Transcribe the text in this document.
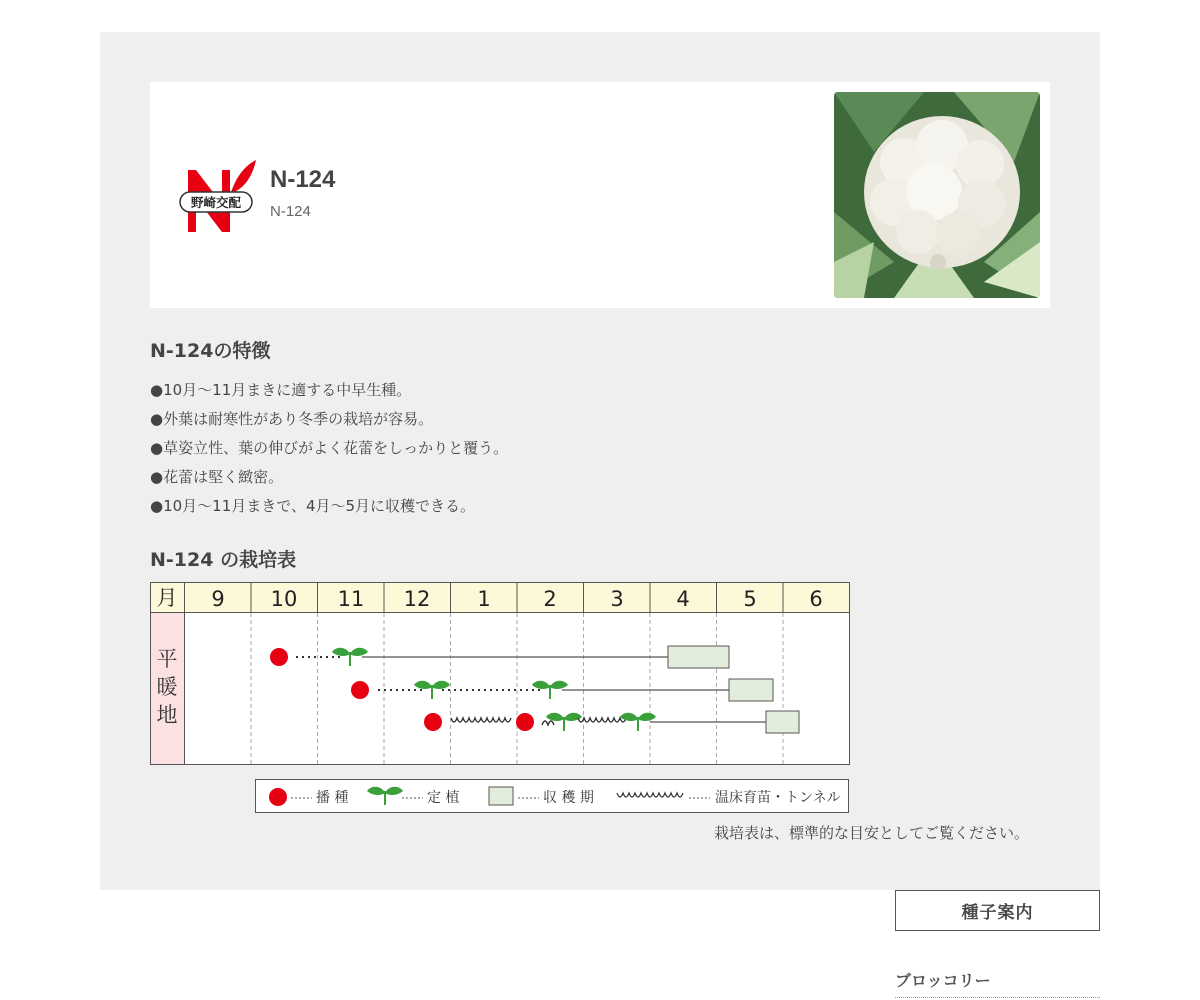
野崎交配
N-124
N-124
N-124の特徴
●10月〜11月まきに適する中早生種。
●外葉は耐寒性があり冬季の栽培が容易。
●草姿立性、葉の伸びがよく花蕾をしっかりと覆う。
●花蕾は堅く緻密。
●10月〜11月まきで、4月〜5月に収穫できる。
N-124 の栽培表
月 9 10 11 12 1	2	3	4	5	6
平
暖
地
播 種	定 植	収 穫 期	温床育苗・トンネル
栽培表は、標準的な目安としてご覧ください。
種子案内
ブロッコリー
